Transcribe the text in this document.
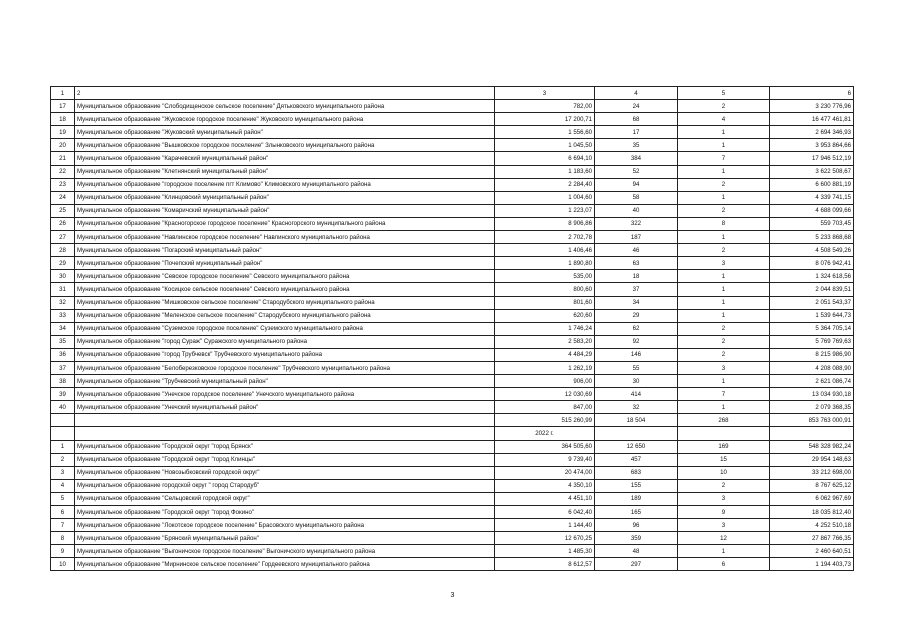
1	2	3	4	5	6
17	Муниципальное образование "Слободищенское сельское поселение" Дятьковского муниципального района	782,00	24	2	3 230 776,96
18	Муниципальное образование "Жуковское городское поселение" Жуковского муниципального района	17 200,71	68	4	16 477 461,81
19	Муниципальное образование "Жуковский муниципальный район"	1 556,60	17	1	2 694 346,93
20	Муниципальное образование "Вышковское городское поселение" Злынковского муниципального района	1 045,50	35	1	3 953 864,66
21	Муниципальное образование "Карачевский муниципальный район"	6 694,10	384	7	17 946 512,19
22	Муниципальное образование "Клетнянский муниципальный район"	1 183,60	52	1	3 622 508,67
23	Муниципальное образование "городское поселение пгт Климово" Климовского муниципального района	2 284,40	94	2	6 600 881,19
24	Муниципальное образование "Клинцовский муниципальный район"	1 004,60	58	1	4 339 741,15
25	Муниципальное образование "Комаричский муниципальный район"	1 223,07	40	2	4 688 099,66
26	Муниципальное образование "Красногорское городское поселение" Красногорского муниципального района	8 906,86	322	8	559 703,45
27	Муниципальное образование "Навлинское городское поселение" Навлинского муниципального района	2 702,78	187	1	5 233 868,68
28	Муниципальное образование "Погарский муниципальный район"	1 406,46	46	2	4 508 549,26
29	Муниципальное образование "Почепский муниципальный район"	1 890,80	63	3	8 076 942,41
30	Муниципальное образование "Севское городское поселение" Севского муниципального района	535,00	18	1	1 324 618,56
31	Муниципальное образование "Косицкое сельское поселение" Севского муниципального района	800,60	37	1	2 044 839,51
32	Муниципальное образование "Мишковское сельское поселение" Стародубского муниципального района	801,60	34	1	2 051 543,37
33	Муниципальное образование "Меленское сельское поселение" Стародубского муниципального района	620,60	29	1	1 539 644,73
34	Муниципальное образование "Суземское городское поселение" Суземского муниципального района	1 746,24	62	2	5 364 705,14
35	Муниципальное образование "город Сураж" Суражского муниципального района	2 583,20	92	2	5 769 769,63
36	Муниципальное образование "город Трубчевск" Трубчевского муниципального района	4 484,29	146	2	8 215 986,90
37	Муниципальное образование "Белоберезковское городское поселение" Трубчевского муниципального района	1 262,19	55	3	4 208 088,90
38	Муниципальное образование "Трубчевский муниципальный район"	906,00	30	1	2 621 086,74
39	Муниципальное образование "Унечское городское поселение" Унечского муниципального района	12 030,69	414	7	13 034 930,18
40	Муниципальное образование "Унечский муниципальный район"	847,00	32	1	2 079 368,35
		515 260,99	18 504	268	853 763 000,91
		2022 г.			
1	Муниципальное образование "Городской округ "город Брянск"	364 505,60	12 650	169	548 328 982,24
2	Муниципальное образование "Городской округ "город Клинцы"	9 739,40	457	15	29 954 148,63
3	Муниципальное образование "Новозыбковский городской округ"	20 474,00	683	10	33 212 698,00
4	Муниципальное образование городской округ " город Стародуб"	4 350,10	155	2	8 767 625,12
5	Муниципальное образование "Сельцовский городской округ"	4 451,10	189	3	6 062 967,69
6	Муниципальное образование "Городской округ "город Фокино"	6 042,40	165	9	18 035 812,40
7	Муниципальное образование "Локотское городское поселение" Брасовского муниципального района	1 144,40	96	3	4 252 510,18
8	Муниципальное образование "Брянский муниципальный район"	12 670,25	359	12	27 867 766,35
9	Муниципальное образование "Выгоничское городское поселение" Выгоничского муниципального района	1 485,30	48	1	2 460 640,51
10	Муниципальное образование "Мирнинское сельское поселение" Гордеевского муниципального района	8 612,57	297	6	1 194 403,73
3
